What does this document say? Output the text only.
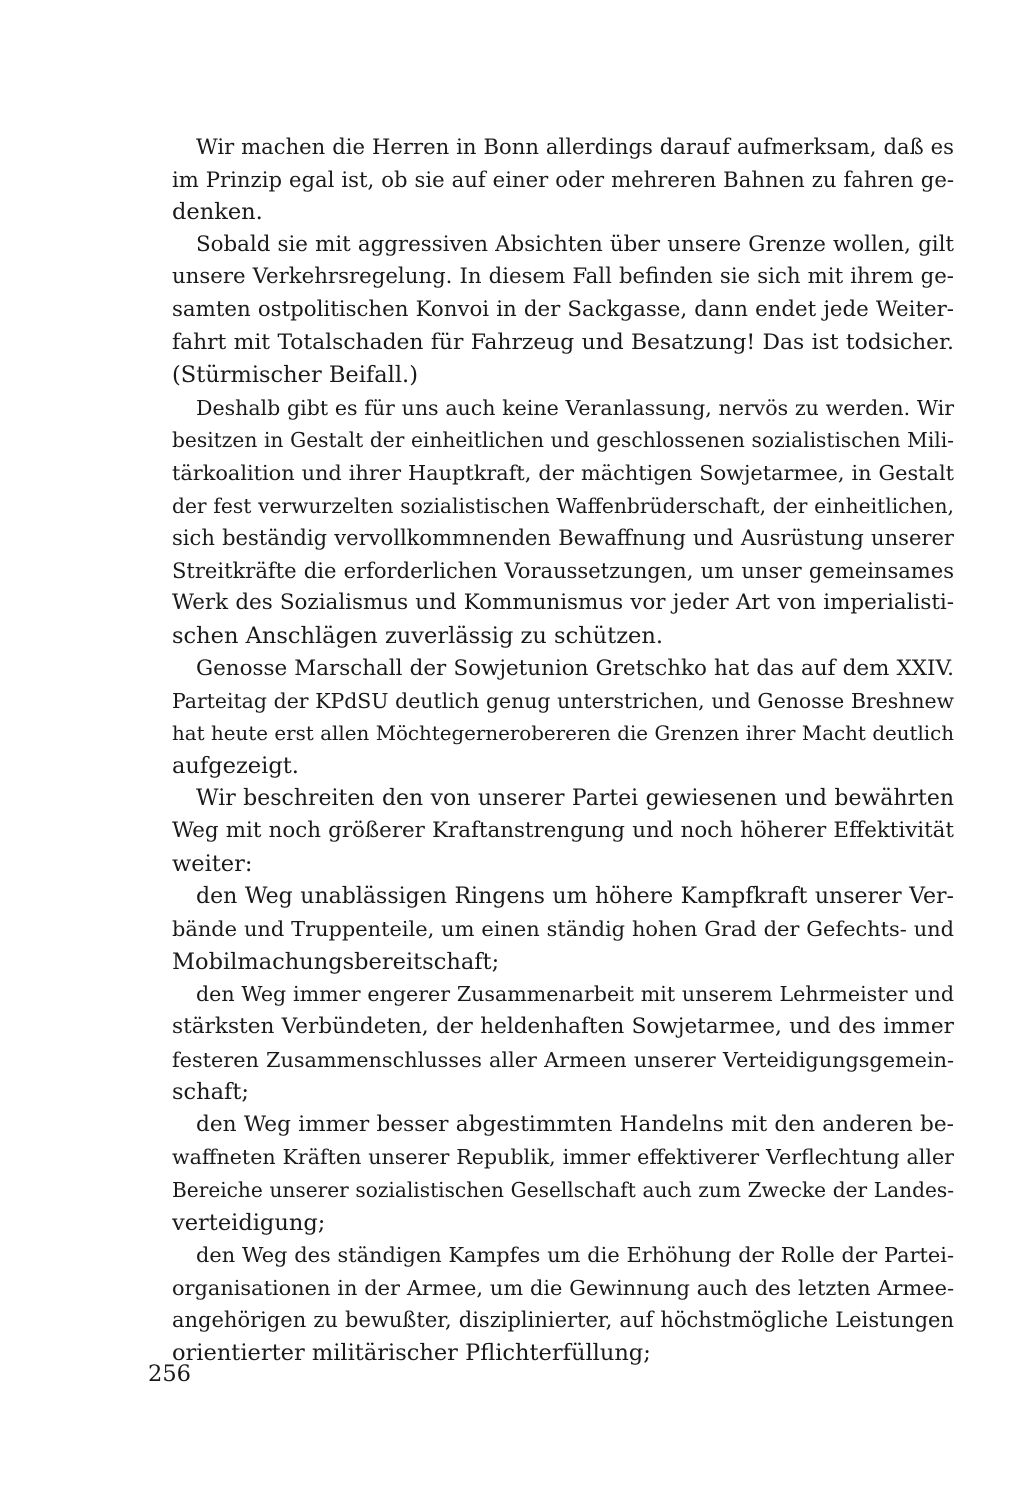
Wir machen die Herren in Bonn allerdings darauf aufmerksam, daß es
im Prinzip egal ist, ob sie auf einer oder mehreren Bahnen zu fahren ge-
denken.
Sobald sie mit aggressiven Absichten über unsere Grenze wollen, gilt
unsere Verkehrsregelung. In diesem Fall befinden sie sich mit ihrem ge-
samten ostpolitischen Konvoi in der Sackgasse, dann endet jede Weiter-
fahrt mit Totalschaden für Fahrzeug und Besatzung! Das ist todsicher.
(Stürmischer Beifall.)
Deshalb gibt es für uns auch keine Veranlassung, nervös zu werden. Wir
besitzen in Gestalt der einheitlichen und geschlossenen sozialistischen Mili-
tärkoalition und ihrer Hauptkraft, der mächtigen Sowjetarmee, in Gestalt
der fest verwurzelten sozialistischen Waffenbrüderschaft, der einheitlichen,
sich beständig vervollkommnenden Bewaffnung und Ausrüstung unserer
Streitkräfte die erforderlichen Voraussetzungen, um unser gemeinsames
Werk des Sozialismus und Kommunismus vor jeder Art von imperialisti-
schen Anschlägen zuverlässig zu schützen.
Genosse Marschall der Sowjetunion Gretschko hat das auf dem XXIV.
Parteitag der KPdSU deutlich genug unterstrichen, und Genosse Breshnew
hat heute erst allen Möchtegernerobereren die Grenzen ihrer Macht deutlich
aufgezeigt.
Wir beschreiten den von unserer Partei gewiesenen und bewährten
Weg mit noch größerer Kraftanstrengung und noch höherer Effektivität
weiter:
den Weg unablässigen Ringens um höhere Kampfkraft unserer Ver-
bände und Truppenteile, um einen ständig hohen Grad der Gefechts- und
Mobilmachungsbereitschaft;
den Weg immer engerer Zusammenarbeit mit unserem Lehrmeister und
stärksten Verbündeten, der heldenhaften Sowjetarmee, und des immer
festeren Zusammenschlusses aller Armeen unserer Verteidigungsgemein-
schaft;
den Weg immer besser abgestimmten Handelns mit den anderen be-
waffneten Kräften unserer Republik, immer effektiverer Verflechtung aller
Bereiche unserer sozialistischen Gesellschaft auch zum Zwecke der Landes-
verteidigung;
den Weg des ständigen Kampfes um die Erhöhung der Rolle der Partei-
organisationen in der Armee, um die Gewinnung auch des letzten Armee-
angehörigen zu bewußter, disziplinierter, auf höchstmögliche Leistungen
orientierter militärischer Pflichterfüllung;
256
